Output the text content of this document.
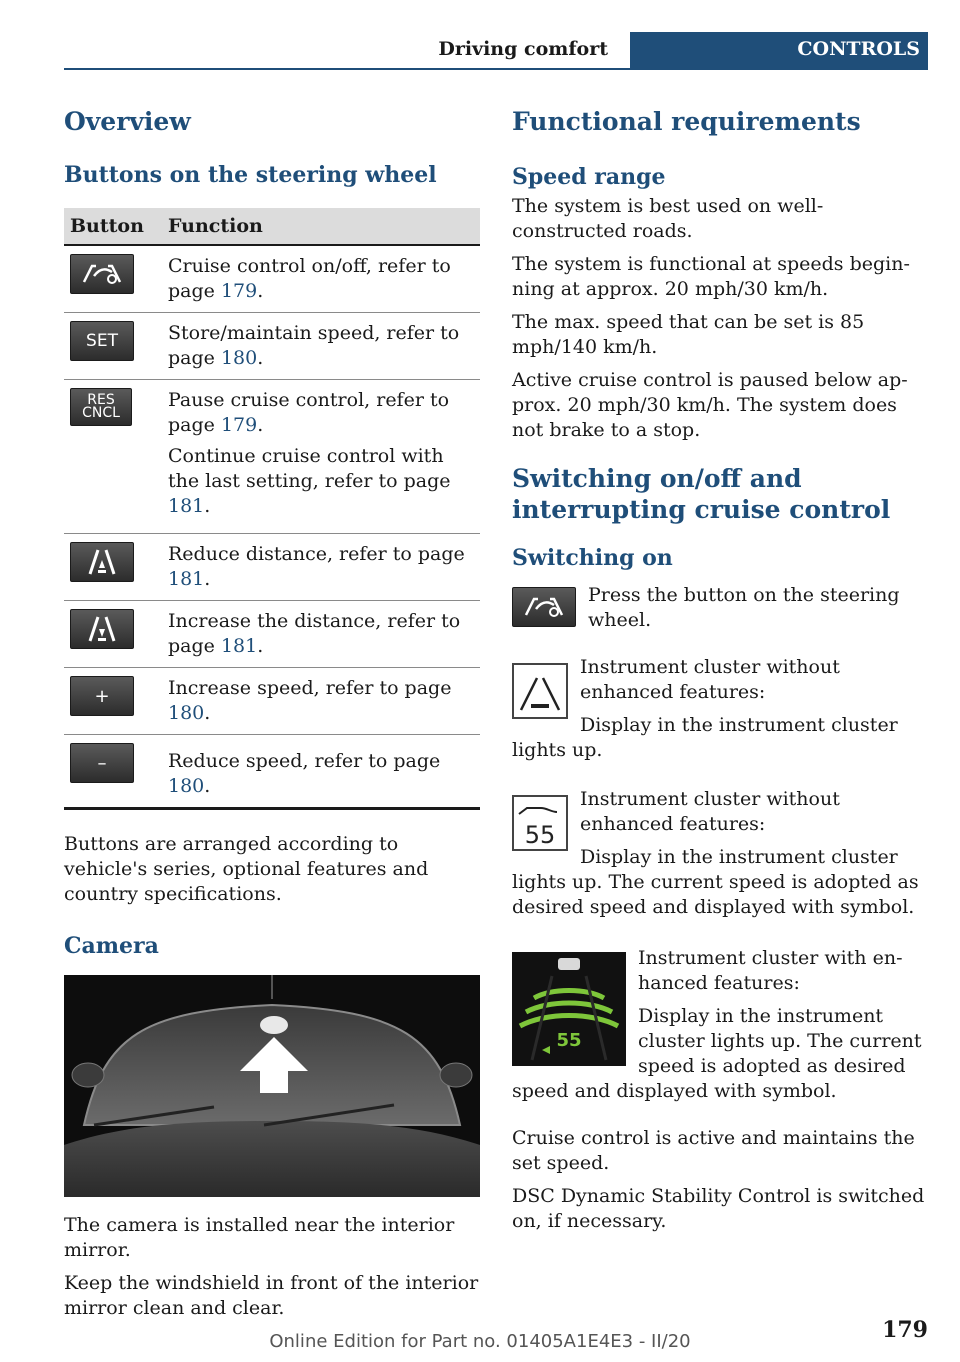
Driving comfort	CONTROLS
Overview
Buttons on the steering wheel
Button	Function

	Cruise control on/off, refer to page 179.

SET	Store/maintain speed, refer to page 180.

RES CNCL	Pause cruise control, refer to page 179.

Continue cruise control with the last setting, refer to page 181.

	Reduce distance, refer to page 181.

	Increase the distance, refer to page 181.

+	Increase speed, refer to page 180.

–	Reduce speed, refer to page 180.

Buttons are arranged according to vehicle's series, optional features and country specifications.

Camera

The camera is installed near the interior mirror.

Keep the windshield in front of the interior mirror clean and clear.

Functional requirements
Speed range

The system is best used on well-constructed roads.

The system is functional at speeds beginning at approx. 20 mph/30 km/h.

The max. speed that can be set is 85 mph/140 km/h.

Active cruise control is paused below approx. 20 mph/30 km/h. The system does not brake to a stop.

Switching on/off and interrupting cruise control
Switching on

Press the button on the steering wheel.

Instrument cluster without enhanced features:

Display in the instrument cluster lights up.

55

Instrument cluster without enhanced features:

Display in the instrument cluster lights up. The current speed is adopted as desired speed and displayed with symbol.

55

Instrument cluster with enhanced features:

Display in the instrument cluster lights up. The current speed is adopted as desired speed and displayed with symbol.

Cruise control is active and maintains the set speed.

DSC Dynamic Stability Control is switched on, if necessary.

179
Online Edition for Part no. 01405A1E4E3 - II/20
